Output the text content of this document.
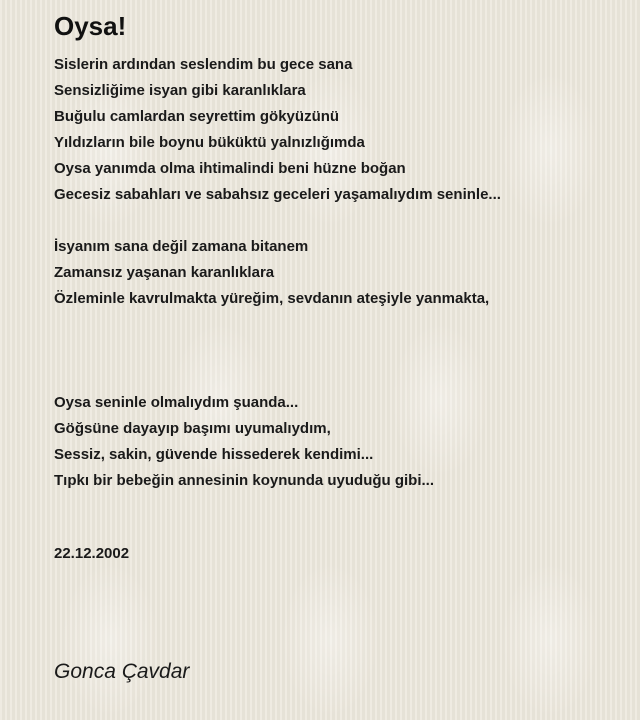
Oysa!
Sislerin ardından seslendim bu gece sana
Sensizliğime isyan gibi karanlıklara
Buğulu camlardan seyrettim gökyüzünü
Yıldızların bile boynu büküktü yalnızlığımda
Oysa yanımda olma ihtimalindi beni hüzne boğan
Gecesiz sabahları ve sabahsız geceleri yaşamalıydım seninle...
İsyanım sana değil zamana bitanem
Zamansız yaşanan karanlıklara
Özleminle kavrulmakta yüreğim, sevdanın ateşiyle yanmakta,
Oysa seninle olmalıydım şuanda...
Göğsüne dayayıp başımı uyumalıydım,
Sessiz, sakin, güvende hissederek kendimi...
Tıpkı bir bebeğin annesinin koynunda uyuduğu gibi...
22.12.2002
Gonca Çavdar
